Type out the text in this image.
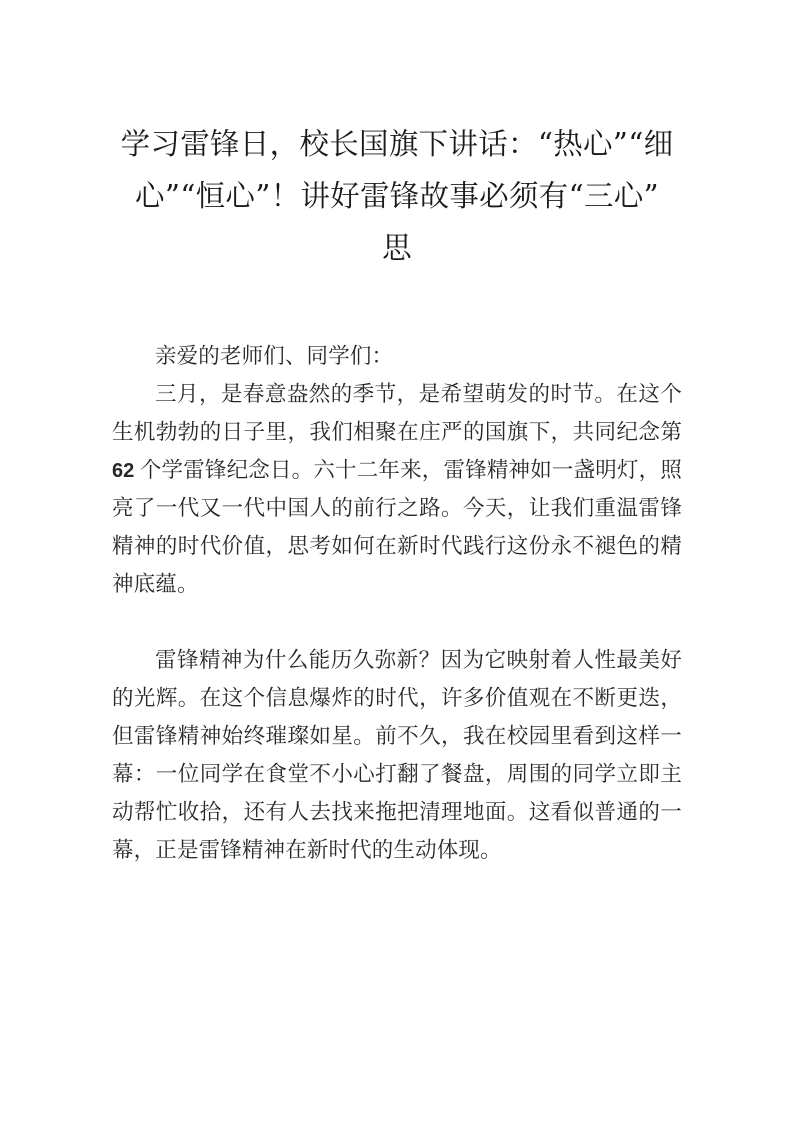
学习雷锋日，校长国旗下讲话：“热心”“细
心”“恒心”！讲好雷锋故事必须有“三心”
思

亲爱的老师们、同学们：

三月，是春意盎然的季节，是希望萌发的时节。在这个生机勃勃的日子里，我们相聚在庄严的国旗下，共同纪念第 62 个学雷锋纪念日。六十二年来，雷锋精神如一盏明灯，照亮了一代又一代中国人的前行之路。今天，让我们重温雷锋精神的时代价值，思考如何在新时代践行这份永不褪色的精神底蕴。

雷锋精神为什么能历久弥新？因为它映射着人性最美好的光辉。在这个信息爆炸的时代，许多价值观在不断更迭，但雷锋精神始终璀璨如星。前不久，我在校园里看到这样一幕：一位同学在食堂不小心打翻了餐盘，周围的同学立即主动帮忙收拾，还有人去找来拖把清理地面。这看似普通的一幕，正是雷锋精神在新时代的生动体现。
